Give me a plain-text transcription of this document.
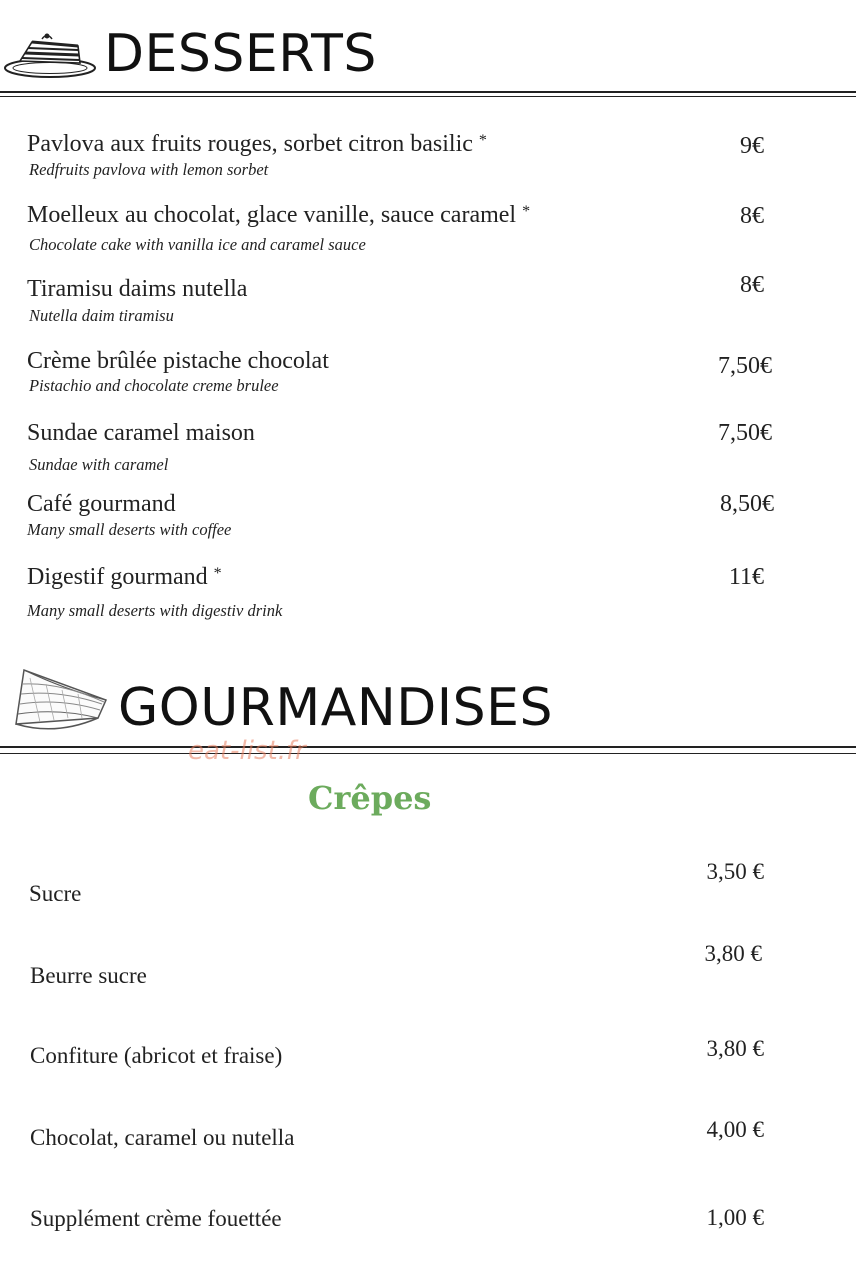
DESSERTS
Pavlova aux fruits rouges, sorbet citron basilic *
Redfruits pavlova with lemon sorbet
9€
Moelleux au chocolat, glace vanille, sauce caramel *
Chocolate cake with vanilla ice and caramel sauce
8€
Tiramisu daims nutella
Nutella daim tiramisu
8€
Crème brûlée pistache chocolat
Pistachio and chocolate creme brulee
7,50€
Sundae caramel maison
Sundae with caramel
7,50€
Café gourmand
Many small deserts with coffee
8,50€
Digestif gourmand *
Many small deserts with digestiv drink
11€
GOURMANDISES
eat-list.fr
Crêpes
Sucre
3,50 €
Beurre sucre
3,80 €
Confiture (abricot et fraise)	3,80 €
Chocolat, caramel ou nutella	4,00 €
Supplément crème fouettée	1,00 €
